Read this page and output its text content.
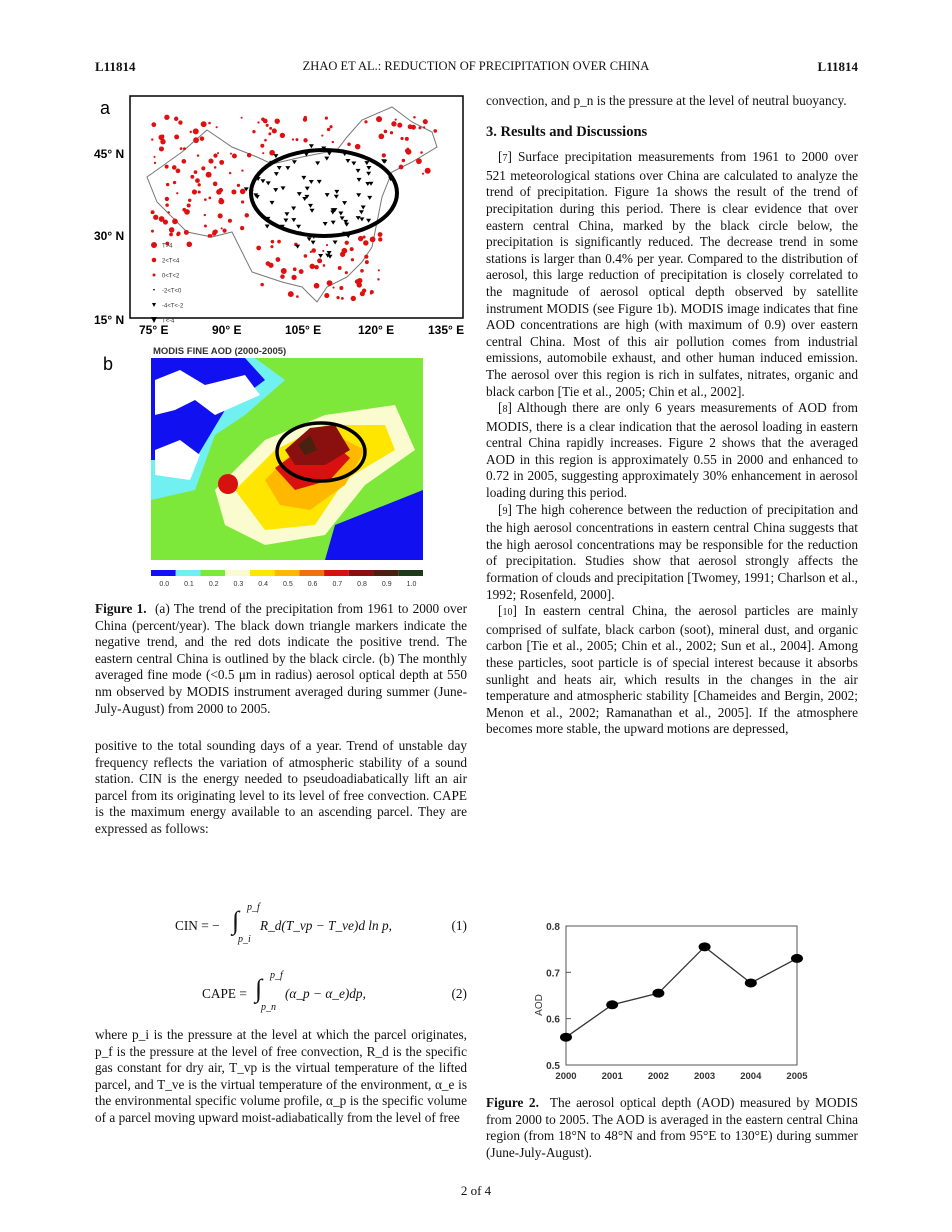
L11814	ZHAO ET AL.: REDUCTION OF PRECIPITATION OVER CHINA	L11814
a
T>4
2<T<4
0<T<2
-2<T<0
-4<T<-2
T<-4
45° N
30° N
15° N
75° E	90° E	105° E	120° E	135° E
b
MODIS FINE AOD (2000-2005)
0.0 0.1 0.2 0.3 0.4 0.5 0.6 0.7 0.8 0.9 1.0
Figure 1. (a) The trend of the precipitation from 1961 to 2000 over China (percent/year). The black down triangle markers indicate the negative trend, and the red dots indicate the positive trend. The eastern central China is outlined by the black circle. (b) The monthly averaged fine mode (<0.5 μm in radius) aerosol optical depth at 550 nm observed by MODIS instrument averaged during summer (June-July-August) from 2000 to 2005.
positive to the total sounding days of a year. Trend of unstable day frequency reflects the variation of atmospheric stability of a sound station. CIN is the energy needed to pseudoadiabatically lift an air parcel from its originating level to its level of free convection. CAPE is the maximum energy available to an ascending parcel. They are expressed as follows:
CIN = − ∫ p_f
p_i
R_d(T_vp − T_ve)d ln p,	(1)
CAPE = ∫ p_f
p_n
(α_p − α_e)dp,	(2)
where p_i is the pressure at the level at which the parcel originates, p_f is the pressure at the level of free convection, R_d is the specific gas constant for dry air, T_vp is the virtual temperature of the lifted parcel, and T_ve is the virtual temperature of the environment, α_e is the environmental specific volume profile, α_p is the specific volume of a parcel moving upward moist-adiabatically from the level of free

convection, and p_n is the pressure at the level of neutral buoyancy.

3. Results and Discussions

[7] Surface precipitation measurements from 1961 to 2000 over 521 meteorological stations over China are calculated to analyze the trend of precipitation. Figure 1a shows the result of the trend of precipitation during this period. There is clear evidence that over eastern central China, marked by the black circle below, the precipitation is significantly reduced. The decrease trend in some stations is larger than 0.4% per year. Compared to the distribution of aerosol, this large reduction of precipitation is closely correlated to the magnitude of aerosol optical depth observed by satellite instrument MODIS (see Figure 1b). MODIS image indicates that fine AOD concentrations are high (with maximum of 0.9) over eastern central China. Most of this air pollution comes from industrial emissions, automobile exhaust, and other human induced emission. The aerosol over this region is rich in sulfates, nitrates, organic and black carbon [Tie et al., 2005; Chin et al., 2002].

[8] Although there are only 6 years measurements of AOD from MODIS, there is a clear indication that the aerosol loading in eastern central China rapidly increases. Figure 2 shows that the averaged AOD in this region is approximately 0.55 in 2000 and enhanced to 0.72 in 2005, suggesting approximately 30% enhancement in aerosol loading during this period.

[9] The high coherence between the reduction of precipitation and the high aerosol concentrations in eastern central China suggests that the high aerosol concentrations may be responsible for the reduction of precipitation. Studies show that aerosol strongly affects the formation of clouds and precipitation [Twomey, 1991; Charlson et al., 1992; Rosenfeld, 2000].

[10] In eastern central China, the aerosol particles are mainly comprised of sulfate, black carbon (soot), mineral dust, and organic carbon [Tie et al., 2005; Chin et al., 2002; Sun et al., 2004]. Among these particles, soot particle is of special interest because it absorbs sunlight and heats air, which results in the changes in the air temperature and atmospheric stability [Chameides and Bergin, 2002; Menon et al., 2002; Ramanathan et al., 2005]. If the atmosphere becomes more stable, the upward motions are depressed,

AOD
0.5
0.6
0.7
0.8
2000	2001	2002	2003	2004	2005
Figure 2. The aerosol optical depth (AOD) measured by MODIS from 2000 to 2005. The AOD is averaged in the eastern central China region (from 18°N to 48°N and from 95°E to 130°E) during summer (June-July-August).
2 of 4
